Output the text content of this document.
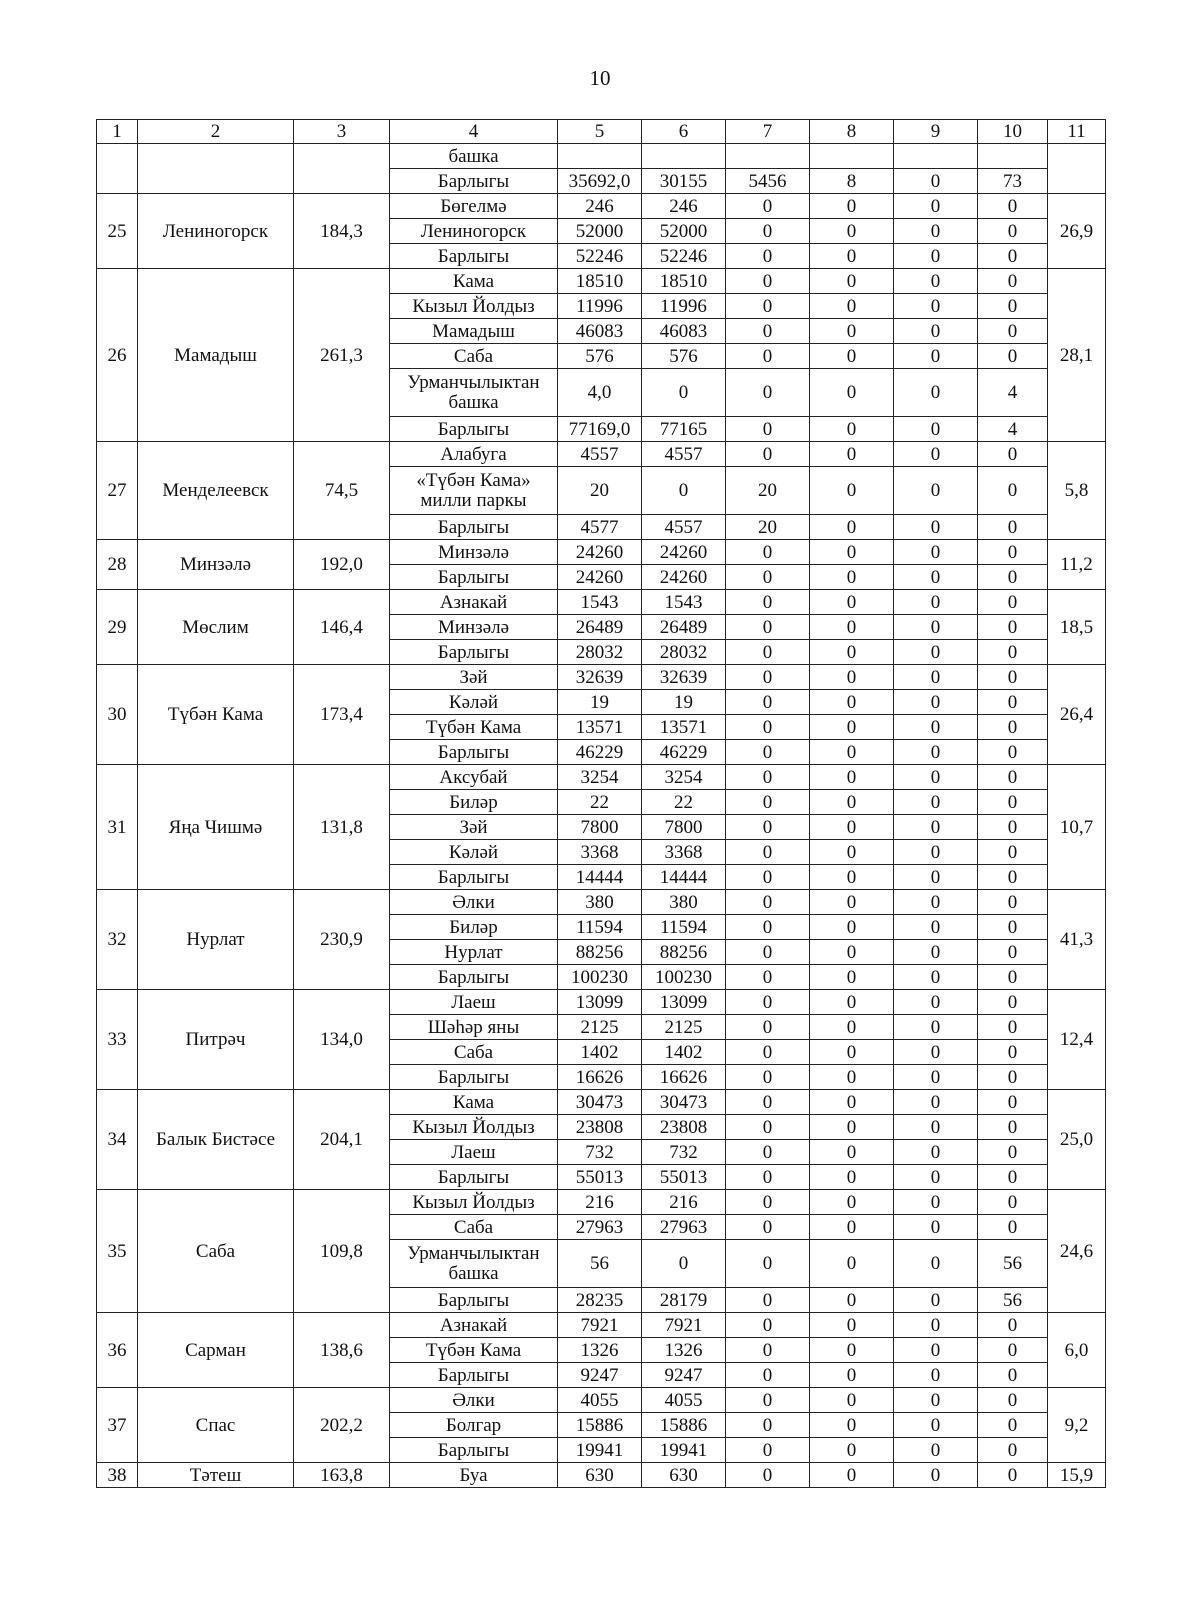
10
1	2	3	4	5	6	7	8	9	10	11
			башка							
			Барлыгы	35692,0	30155	5456	8	0	73	
25	Лениногорск	184,3	Бөгелмә	246	246	0	0	0	0	26,9
			Лениногорск	52000	52000	0	0	0	0	
			Барлыгы	52246	52246	0	0	0	0	
26	Мамадыш	261,3	Кама	18510	18510	0	0	0	0	28,1
			Кызыл Йолдыз	11996	11996	0	0	0	0	
			Мамадыш	46083	46083	0	0	0	0	
			Саба	576	576	0	0	0	0	
			Урманчылыктан башка	4,0	0	0	0	0	4	
			Барлыгы	77169,0	77165	0	0	0	4	
27	Менделеевск	74,5	Алабуга	4557	4557	0	0	0	0	5,8
			«Түбән Кама» милли паркы	20	0	20	0	0	0	
			Барлыгы	4577	4557	20	0	0	0	
28	Минзәлә	192,0	Минзәлә	24260	24260	0	0	0	0	11,2
			Барлыгы	24260	24260	0	0	0	0	
29	Мөслим	146,4	Азнакай	1543	1543	0	0	0	0	18,5
			Минзәлә	26489	26489	0	0	0	0	
			Барлыгы	28032	28032	0	0	0	0	
30	Түбән Кама	173,4	Зәй	32639	32639	0	0	0	0	26,4
			Кәләй	19	19	0	0	0	0	
			Түбән Кама	13571	13571	0	0	0	0	
			Барлыгы	46229	46229	0	0	0	0	
31	Яңа Чишмә	131,8	Аксубай	3254	3254	0	0	0	0	10,7
			Биләр	22	22	0	0	0	0	
			Зәй	7800	7800	0	0	0	0	
			Кәләй	3368	3368	0	0	0	0	
			Барлыгы	14444	14444	0	0	0	0	
32	Нурлат	230,9	Әлки	380	380	0	0	0	0	41,3
			Биләр	11594	11594	0	0	0	0	
			Нурлат	88256	88256	0	0	0	0	
			Барлыгы	100230	100230	0	0	0	0	
33	Питрәч	134,0	Лаеш	13099	13099	0	0	0	0	12,4
			Шәһәр яны	2125	2125	0	0	0	0	
			Саба	1402	1402	0	0	0	0	
			Барлыгы	16626	16626	0	0	0	0	
34	Балык Бистәсе	204,1	Кама	30473	30473	0	0	0	0	25,0
			Кызыл Йолдыз	23808	23808	0	0	0	0	
			Лаеш	732	732	0	0	0	0	
			Барлыгы	55013	55013	0	0	0	0	
35	Саба	109,8	Кызыл Йолдыз	216	216	0	0	0	0	24,6
			Саба	27963	27963	0	0	0	0	
			Урманчылыктан башка	56	0	0	0	0	56	
			Барлыгы	28235	28179	0	0	0	56	
36	Сарман	138,6	Азнакай	7921	7921	0	0	0	0	6,0
			Түбән Кама	1326	1326	0	0	0	0	
			Барлыгы	9247	9247	0	0	0	0	
37	Спас	202,2	Әлки	4055	4055	0	0	0	0	9,2
			Болгар	15886	15886	0	0	0	0	
			Барлыгы	19941	19941	0	0	0	0	
38	Тәтеш	163,8	Буа	630	630	0	0	0	0	15,9
